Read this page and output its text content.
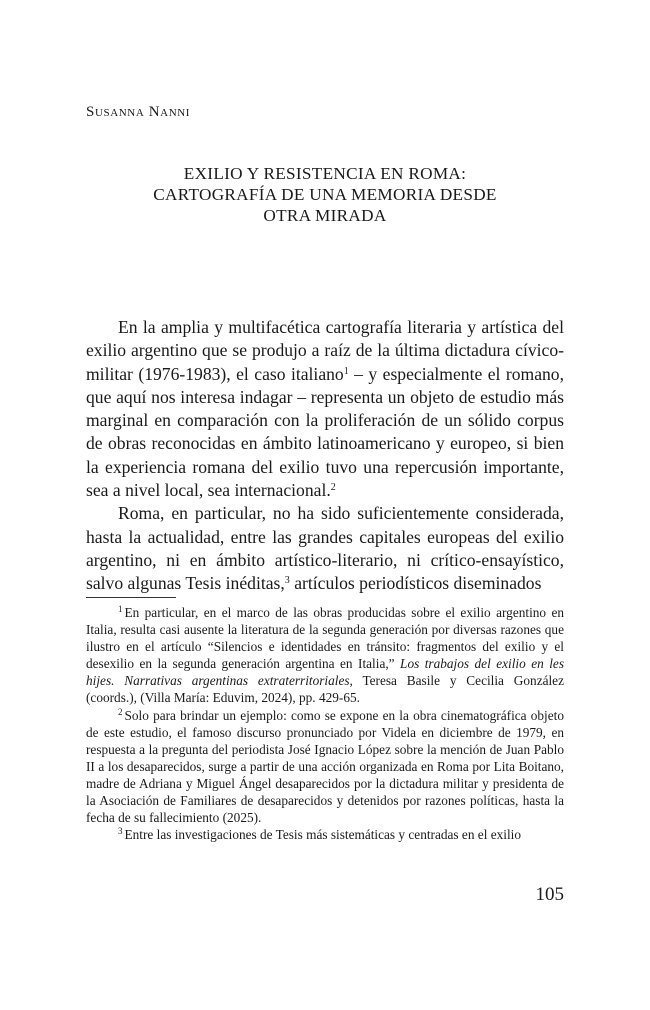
Susanna Nanni
EXILIO Y RESISTENCIA EN ROMA:
CARTOGRAFÍA DE UNA MEMORIA DESDE
OTRA MIRADA

En la amplia y multifacética cartografía literaria y artística del exilio argentino que se produjo a raíz de la última dictadura cívico-militar (1976-1983), el caso italiano$^1$ – y especialmente el romano, que aquí nos interesa indagar – representa un objeto de estudio más marginal en comparación con la proliferación de un sólido corpus de obras reconocidas en ámbito latinoamericano y europeo, si bien la experiencia romana del exilio tuvo una repercusión importante, sea a nivel local, sea internacional.$^2$

Roma, en particular, no ha sido suficientemente considerada, hasta la actualidad, entre las grandes capitales europeas del exilio argentino, ni en ámbito artístico-literario, ni crítico-ensayístico, salvo algunas Tesis inéditas,$^3$ artículos periodísticos diseminados

$^1$ En particular, en el marco de las obras producidas sobre el exilio argentino en Italia, resulta casi ausente la literatura de la segunda generación por diversas razones que ilustro en el artículo “Silencios e identidades en tránsito: fragmentos del exilio y el desexilio en la segunda generación argentina en Italia,” Los trabajos del exilio en les hijes. Narrativas argentinas extraterritoriales, Teresa Basile y Cecilia González (coords.), (Villa María: Eduvim, 2024), pp. 429-65.

$^2$ Solo para brindar un ejemplo: como se expone en la obra cinematográfica objeto de este estudio, el famoso discurso pronunciado por Videla en diciembre de 1979, en respuesta a la pregunta del periodista José Ignacio López sobre la mención de Juan Pablo II a los desaparecidos, surge a partir de una acción organizada en Roma por Lita Boitano, madre de Adriana y Miguel Ángel desaparecidos por la dictadura militar y presidenta de la Asociación de Familiares de desaparecidos y detenidos por razones políticas, hasta la fecha de su fallecimiento (2025).

$^3$ Entre las investigaciones de Tesis más sistemáticas y centradas en el exilio

105
